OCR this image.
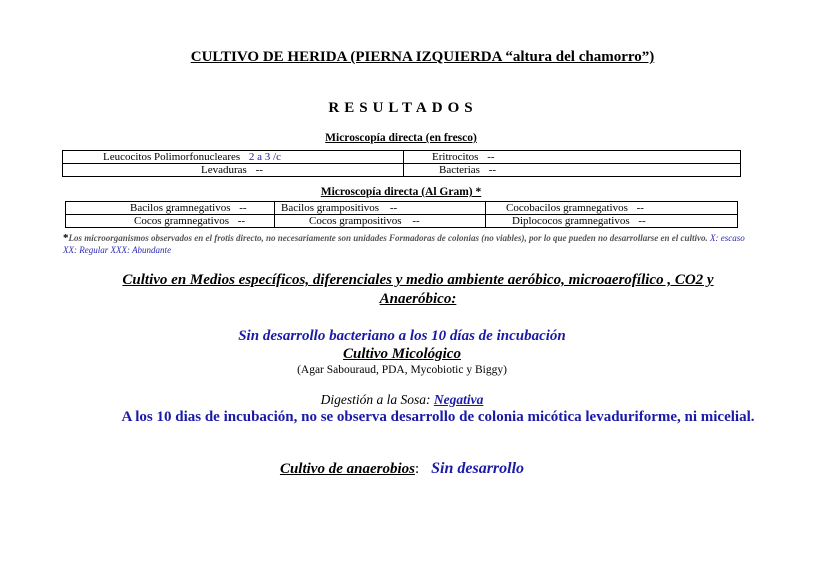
CULTIVO DE HERIDA (PIERNA IZQUIERDA “altura del chamorro”)
RESULTADOS
Microscopía directa (en fresco)
Leucocitos Polimorfonucleares 2 a 3 /c	Eritrocitos --
Levaduras --	Bacterias --
Microscopía directa (Al Gram) *
Bacilos gramnegativos --	Bacilos grampositivos --	Cocobacilos gramnegativos --
Cocos gramnegativos --	Cocos grampositivos --	Diplococos gramnegativos --
*Los microorganismos observados en el frotis directo, no necesariamente son unidades Formadoras de colonias (no viables), por lo que pueden no desarrollarse en el cultivo. X: escaso XX: Regular XXX: Abundante
Cultivo en Medios específicos, diferenciales y medio ambiente aeróbico, microaerofílico , CO2 y Anaeróbico:
Sin desarrollo bacteriano a los 10 días de incubación
Cultivo Micológico
(Agar Sabouraud, PDA, Mycobiotic y Biggy)
Digestión a la Sosa: Negativa
A los 10 dias de incubación, no se observa desarrollo de colonia micótica levaduriforme, ni micelial.
Cultivo de anaerobios: Sin desarrollo
